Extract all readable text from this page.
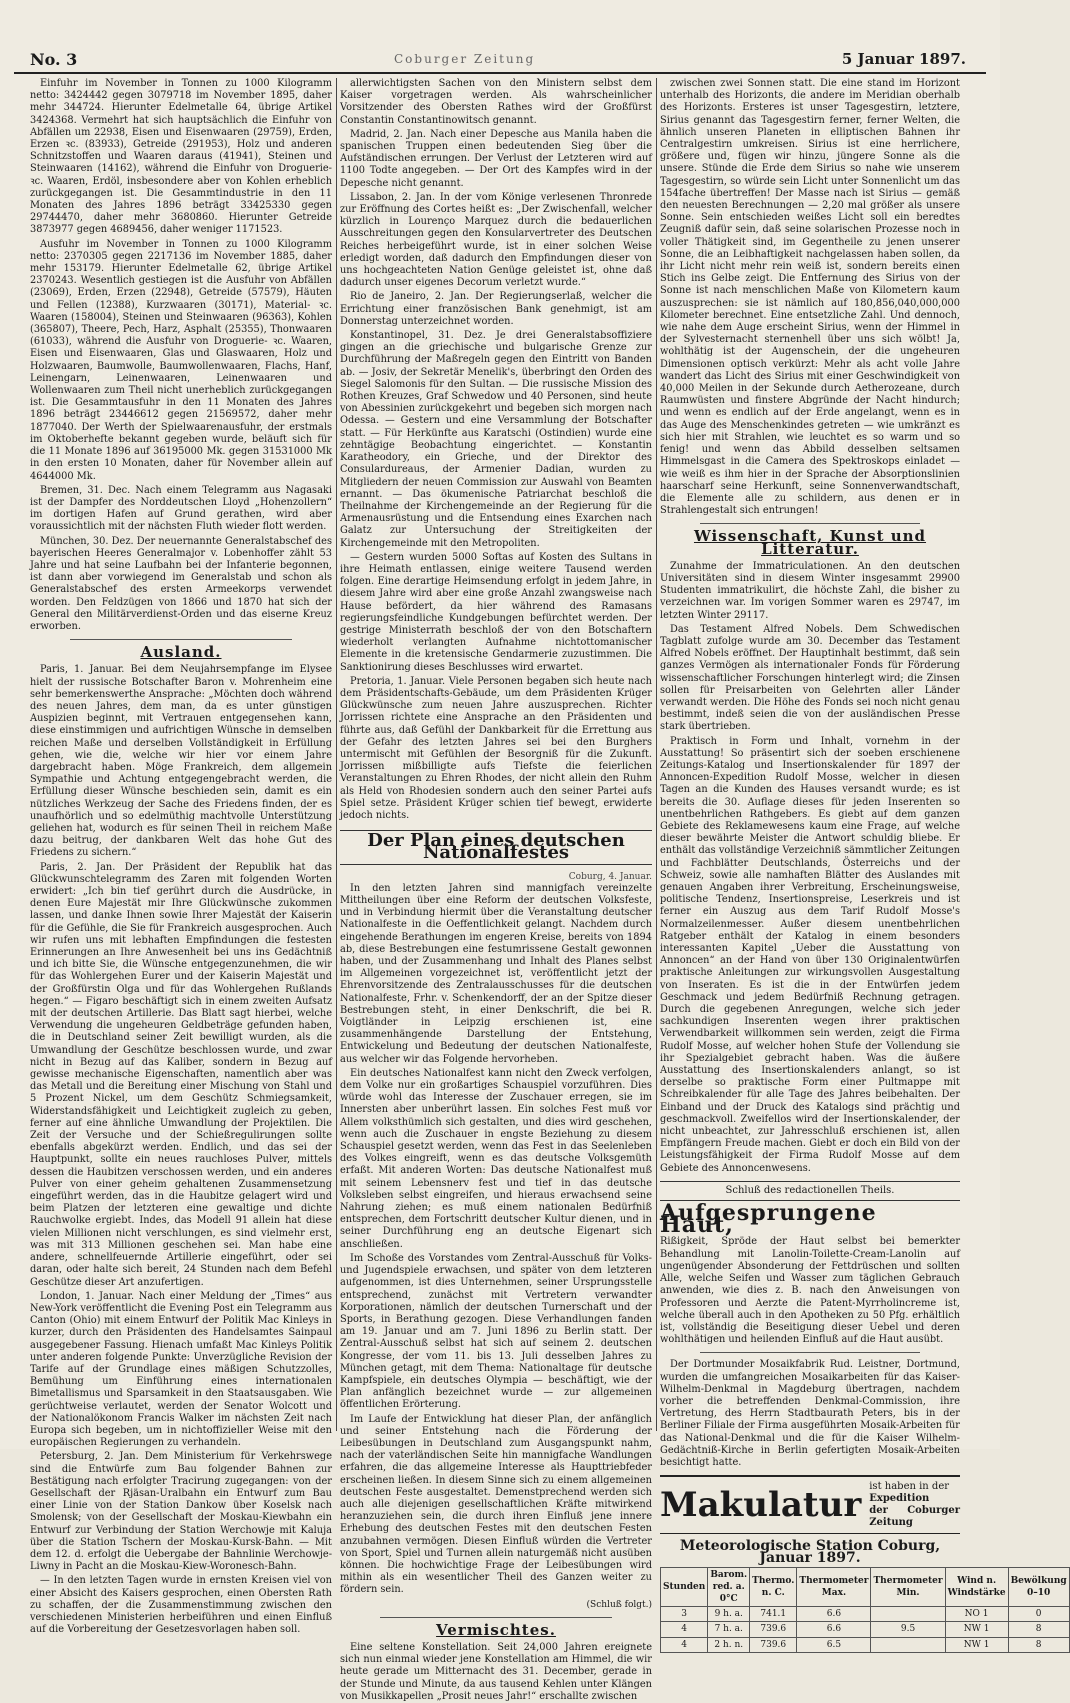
No. 3	Coburger Zeitung	5 Januar 1897.

Einfuhr im November in Tonnen zu 1000 Kilogramm netto: 3424442 gegen 3079718 im November 1895, daher mehr 344724. Hierunter Edelmetalle 64, übrige Artikel 3424368. Vermehrt hat sich hauptsächlich die Einfuhr von Abfällen um 22938, Eisen und Eisenwaaren (29759), Erden, Erzen ꝛc. (83933), Getreide (291953), Holz und anderen Schnitzstoffen und Waaren daraus (41941), Steinen und Steinwaaren (14162), während die Einfuhr von Droguerie- ꝛc. Waaren, Erdöl, insbesondere aber von Kohlen erheblich zurückgegangen ist. Die Gesammtindustrie in den 11 Monaten des Jahres 1896 beträgt 33425330 gegen 29744470, daher mehr 3680860. Hierunter Getreide 3873977 gegen 4689456, daher weniger 1171523.

Ausfuhr im November in Tonnen zu 1000 Kilogramm netto: 2370305 gegen 2217136 im November 1885, daher mehr 153179. Hierunter Edelmetalle 62, übrige Artikel 2370243. Wesentlich gestiegen ist die Ausfuhr von Abfällen (23069), Erden, Erzen (22948), Getreide (57579), Häuten und Fellen (12388), Kurzwaaren (30171), Material- ꝛc. Waaren (158004), Steinen und Steinwaaren (96363), Kohlen (365807), Theere, Pech, Harz, Asphalt (25355), Thonwaaren (61033), während die Ausfuhr von Droguerie- ꝛc. Waaren, Eisen und Eisenwaaren, Glas und Glaswaaren, Holz und Holzwaaren, Baumwolle, Baumwollenwaaren, Flachs, Hanf, Leinengarn, Leinenwaaren, Leinenwaaren und Wollenwaaren zum Theil nicht unerheblich zurückgegangen ist. Die Gesammtausfuhr in den 11 Monaten des Jahres 1896 beträgt 23446612 gegen 21569572, daher mehr 1877040. Der Werth der Spielwaarenausfuhr, der erstmals im Oktoberhefte bekannt gegeben wurde, beläuft sich für die 11 Monate 1896 auf 36195000 Mk. gegen 31531000 Mk in den ersten 10 Monaten, daher für November allein auf 4644000 Mk.

Bremen, 31. Dec. Nach einem Telegramm aus Nagasaki ist der Dampfer des Norddeutschen Lloyd „Hohenzollern“ im dortigen Hafen auf Grund gerathen, wird aber voraussichtlich mit der nächsten Fluth wieder flott werden.

München, 30. Dez. Der neuernannte Generalstabschef des bayerischen Heeres Generalmajor v. Lobenhoffer zählt 53 Jahre und hat seine Laufbahn bei der Infanterie begonnen, ist dann aber vorwiegend im Generalstab und schon als Generalstabschef des ersten Armeekorps verwendet worden. Den Feldzügen von 1866 und 1870 hat sich der General den Militärverdienst-Orden und das eiserne Kreuz erworben.

Ausland.

Paris, 1. Januar. Bei dem Neujahrsempfange im Elysee hielt der russische Botschafter Baron v. Mohrenheim eine sehr bemerkenswerthe Ansprache: „Möchten doch während des neuen Jahres, dem man, da es unter günstigen Auspizien beginnt, mit Vertrauen entgegensehen kann, diese einstimmigen und aufrichtigen Wünsche in demselben reichen Maße und derselben Vollständigkeit in Erfüllung gehen, wie die, welche wir hier vor einem Jahre dargebracht haben. Möge Frankreich, dem allgemein Sympathie und Achtung entgegengebracht werden, die Erfüllung dieser Wünsche beschieden sein, damit es ein nützliches Werkzeug der Sache des Friedens finden, der es unaufhörlich und so edelmüthig machtvolle Unterstützung geliehen hat, wodurch es für seinen Theil in reichem Maße dazu beitrug, der dankbaren Welt das hohe Gut des Friedens zu sichern.“

Paris, 2. Jan. Der Präsident der Republik hat das Glückwunschtelegramm des Zaren mit folgenden Worten erwidert: „Ich bin tief gerührt durch die Ausdrücke, in denen Eure Majestät mir Ihre Glückwünsche zukommen lassen, und danke Ihnen sowie Ihrer Majestät der Kaiserin für die Gefühle, die Sie für Frankreich ausgesprochen. Auch wir rufen uns mit lebhaften Empfindungen die festesten Erinnerungen an Ihre Anwesenheit bei uns ins Gedächtniß und ich bitte Sie, die Wünsche entgegenzunehmen, die wir für das Wohlergehen Eurer und der Kaiserin Majestät und der Großfürstin Olga und für das Wohlergehen Rußlands hegen.“ — Figaro beschäftigt sich in einem zweiten Aufsatz mit der deutschen Artillerie. Das Blatt sagt hierbei, welche Verwendung die ungeheuren Geldbeträge gefunden haben, die in Deutschland seiner Zeit bewilligt wurden, als die Umwandlung der Geschütze beschlossen wurde, und zwar nicht in Bezug auf das Kaliber, sondern in Bezug auf gewisse mechanische Eigenschaften, namentlich aber was das Metall und die Bereitung einer Mischung von Stahl und 5 Prozent Nickel, um dem Geschütz Schmiegsamkeit, Widerstandsfähigkeit und Leichtigkeit zugleich zu geben, ferner auf eine ähnliche Umwandlung der Projektilen. Die Zeit der Versuche und der Schießregulirungen sollte ebenfalls abgekürzt werden. Endlich, und das sei der Hauptpunkt, sollte ein neues rauchloses Pulver, mittels dessen die Haubitzen verschossen werden, und ein anderes Pulver von einer geheim gehaltenen Zusammensetzung eingeführt werden, das in die Haubitze gelagert wird und beim Platzen der letzteren eine gewaltige und dichte Rauchwolke ergiebt. Indes, das Modell 91 allein hat diese vielen Millionen nicht verschlungen, es sind vielmehr erst, was mit 313 Millionen geschehen sei. Man habe eine andere, schnellfeuernde Artillerie eingeführt, oder sei daran, oder halte sich bereit, 24 Stunden nach dem Befehl Geschütze dieser Art anzufertigen.

London, 1. Januar. Nach einer Meldung der „Times“ aus New-York veröffentlicht die Evening Post ein Telegramm aus Canton (Ohio) mit einem Entwurf der Politik Mac Kinleys in kurzer, durch den Präsidenten des Handelsamtes Sainpaul ausgegebener Fassung. Hienach umfaßt Mac Kinleys Politik unter anderen folgende Punkte: Unverzügliche Revision der Tarife auf der Grundlage eines mäßigen Schutzzolles, Bemühung um Einführung eines internationalen Bimetallismus und Sparsamkeit in den Staatsausgaben. Wie gerüchtweise verlautet, werden der Senator Wolcott und der Nationalökonom Francis Walker im nächsten Zeit nach Europa sich begeben, um in nichtoffizieller Weise mit den europäischen Regierungen zu verhandeln.

Petersburg, 2. Jan. Dem Ministerium für Verkehrswege sind die Entwürfe zum Bau folgender Bahnen zur Bestätigung nach erfolgter Tracirung zugegangen: von der Gesellschaft der Rjäsan-Uralbahn ein Entwurf zum Bau einer Linie von der Station Dankow über Koselsk nach Smolensk; von der Gesellschaft der Moskau-Kiewbahn ein Entwurf zur Verbindung der Station Werchowje mit Kaluja über die Station Tschern der Moskau-Kursk-Bahn. — Mit dem 12. d. erfolgt die Uebergabe der Bahnlinie Werchowje-Liwny in Pacht an die Moskau-Kiew-Woronesch-Bahn.

— In den letzten Tagen wurde in ernsten Kreisen viel von einer Absicht des Kaisers gesprochen, einen Obersten Rath zu schaffen, der die Zusammenstimmung zwischen den verschiedenen Ministerien herbeiführen und einen Einfluß auf die Vorbereitung der Gesetzesvorlagen haben soll.

allerwichtigsten Sachen von den Ministern selbst dem Kaiser vorgetragen werden. Als wahrscheinlicher Vorsitzender des Obersten Rathes wird der Großfürst Constantin Constantinowitsch genannt.

Madrid, 2. Jan. Nach einer Depesche aus Manila haben die spanischen Truppen einen bedeutenden Sieg über die Aufständischen errungen. Der Verlust der Letzteren wird auf 1100 Todte angegeben. — Der Ort des Kampfes wird in der Depesche nicht genannt.

Lissabon, 2. Jan. In der vom Könige verlesenen Thronrede zur Eröffnung des Cortes heißt es: „Der Zwischenfall, welcher kürzlich in Lourenço Marquez durch die bedauerlichen Ausschreitungen gegen den Konsularvertreter des Deutschen Reiches herbeigeführt wurde, ist in einer solchen Weise erledigt worden, daß dadurch den Empfindungen dieser von uns hochgeachteten Nation Genüge geleistet ist, ohne daß dadurch unser eigenes Decorum verletzt wurde.“

Rio de Janeiro, 2. Jan. Der Regierungserlaß, welcher die Errichtung einer französischen Bank genehmigt, ist am Donnerstag unterzeichnet worden.

Konstantinopel, 31. Dez. Je drei Generalstabsoffiziere gingen an die griechische und bulgarische Grenze zur Durchführung der Maßregeln gegen den Eintritt von Banden ab. — Josiv, der Sekretär Menelik's, überbringt den Orden des Siegel Salomonis für den Sultan. — Die russische Mission des Rothen Kreuzes, Graf Schwedow und 40 Personen, sind heute von Abessinien zurückgekehrt und begeben sich morgen nach Odessa. — Gestern und eine Versammlung der Botschafter statt. — Für Herkünfte aus Karatschi (Ostindien) wurde eine zehntägige Beobachtung eingerichtet. — Konstantin Karatheodory, ein Grieche, und der Direktor des Consulardureaus, der Armenier Dadian, wurden zu Mitgliedern der neuen Commission zur Auswahl von Beamten ernannt. — Das ökumenische Patriarchat beschloß die Theilnahme der Kirchengemeinde an der Regierung für die Armenausrüstung und die Entsendung eines Exarchen nach Galatz zur Untersuchung der Streitigkeiten der Kirchengemeinde mit den Metropoliten.

— Gestern wurden 5000 Softas auf Kosten des Sultans in ihre Heimath entlassen, einige weitere Tausend werden folgen. Eine derartige Heimsendung erfolgt in jedem Jahre, in diesem Jahre wird aber eine große Anzahl zwangsweise nach Hause befördert, da hier während des Ramasans regierungsfeindliche Kundgebungen befürchtet werden. Der gestrige Ministerrath beschloß der von den Botschaftern wiederholt verlangten Aufnahme nichtottomanischer Elemente in die kretensische Gendarmerie zuzustimmen. Die Sanktionirung dieses Beschlusses wird erwartet.

Pretoria, 1. Januar. Viele Personen begaben sich heute nach dem Präsidentschafts-Gebäude, um dem Präsidenten Krüger Glückwünsche zum neuen Jahre auszusprechen. Richter Jorrissen richtete eine Ansprache an den Präsidenten und führte aus, daß Gefühl der Dankbarkeit für die Errettung aus der Gefahr des letzten Jahres sei bei den Burghers untermischt mit Gefühlen der Besorgniß für die Zukunft. Jorrissen mißbilligte aufs Tiefste die feierlichen Veranstaltungen zu Ehren Rhodes, der nicht allein den Ruhm als Held von Rhodesien sondern auch den seiner Partei aufs Spiel setze. Präsident Krüger schien tief bewegt, erwiderte jedoch nichts.

Der Plan eines deutschen Nationalfestes
Coburg, 4. Januar.

In den letzten Jahren sind mannigfach vereinzelte Mittheilungen über eine Reform der deutschen Volksfeste, und in Verbindung hiermit über die Veranstaltung deutscher Nationalfeste in die Oeffentlichkeit gelangt. Nachdem durch eingehende Berathungen im engeren Kreise, bereits von 1894 ab, diese Bestrebungen eine festumrissene Gestalt gewonnen haben, und der Zusammenhang und Inhalt des Planes selbst im Allgemeinen vorgezeichnet ist, veröffentlicht jetzt der Ehrenvorsitzende des Zentralausschusses für die deutschen Nationalfeste, Frhr. v. Schenkendorff, der an der Spitze dieser Bestrebungen steht, in einer Denkschrift, die bei R. Voigtländer in Leipzig erschienen ist, eine zusammenhängende Darstellung der Entstehung, Entwickelung und Bedeutung der deutschen Nationalfeste, aus welcher wir das Folgende hervorheben.

Ein deutsches Nationalfest kann nicht den Zweck verfolgen, dem Volke nur ein großartiges Schauspiel vorzuführen. Dies würde wohl das Interesse der Zuschauer erregen, sie im Innersten aber unberührt lassen. Ein solches Fest muß vor Allem volksthümlich sich gestalten, und dies wird geschehen, wenn auch die Zuschauer in engste Beziehung zu diesem Schauspiel gesetzt werden, wenn das Fest in das Seelenleben des Volkes eingreift, wenn es das deutsche Volksgemüth erfaßt. Mit anderen Worten: Das deutsche Nationalfest muß mit seinem Lebensnerv fest und tief in das deutsche Volksleben selbst eingreifen, und hieraus erwachsend seine Nahrung ziehen; es muß einem nationalen Bedürfniß entsprechen, dem Fortschritt deutscher Kultur dienen, und in seiner Durchführung eng an deutsche Eigenart sich anschließen.

Im Schoße des Vorstandes vom Zentral-Ausschuß für Volks- und Jugendspiele erwachsen, und später von dem letzteren aufgenommen, ist dies Unternehmen, seiner Ursprungsstelle entsprechend, zunächst mit Vertretern verwandter Korporationen, nämlich der deutschen Turnerschaft und der Sports, in Berathung gezogen. Diese Verhandlungen fanden am 19. Januar und am 7. Juni 1896 zu Berlin statt. Der Zentral-Ausschuß selbst hat sich auf seinem 2. deutschen Kongresse, der vom 11. bis 13. Juli desselben Jahres zu München getagt, mit dem Thema: Nationaltage für deutsche Kampfspiele, ein deutsches Olympia — beschäftigt, wie der Plan anfänglich bezeichnet wurde — zur allgemeinen öffentlichen Erörterung.

Im Laufe der Entwicklung hat dieser Plan, der anfänglich und seiner Entstehung nach die Förderung der Leibesübungen in Deutschland zum Ausgangspunkt nahm, nach der vaterländischen Seite hin mannigfache Wandlungen erfahren, die das allgemeine Interesse als Haupttriebfeder erscheinen ließen. In diesem Sinne sich zu einem allgemeinen deutschen Feste ausgestaltet. Demenstprechend werden sich auch alle diejenigen gesellschaftlichen Kräfte mitwirkend heranzuziehen sein, die durch ihren Einfluß jene innere Erhebung des deutschen Festes mit den deutschen Festen anzubahnen vermögen. Diesen Einfluß würden die Vertreter von Sport, Spiel und Turnen allein naturgemäß nicht ausüben können. Die hochwichtige Frage der Leibesübungen wird mithin als ein wesentlicher Theil des Ganzen weiter zu fördern sein.

(Schluß folgt.)
Vermischtes.

Eine seltene Konstellation. Seit 24,000 Jahren ereignete sich nun einmal wieder jene Konstellation am Himmel, die wir heute gerade um Mitternacht des 31. December, gerade in der Stunde und Minute, da aus tausend Kehlen unter Klängen von Musikkapellen „Prosit neues Jahr!“ erschallte zwischen

zwischen zwei Sonnen statt. Die eine stand im Horizont unterhalb des Horizonts, die andere im Meridian oberhalb des Horizonts. Ersteres ist unser Tagesgestirn, letztere, Sirius genannt das Tagesgestirn ferner, ferner Welten, die ähnlich unseren Planeten in elliptischen Bahnen ihr Centralgestirn umkreisen. Sirius ist eine herrlichere, größere und, fügen wir hinzu, jüngere Sonne als die unsere. Stünde die Erde dem Sirius so nahe wie unserem Tagesgestirn, so würde sein Licht unter Sonnenlicht um das 154fache übertreffen! Der Masse nach ist Sirius — gemäß den neuesten Berechnungen — 2,20 mal größer als unsere Sonne. Sein entschieden weißes Licht soll ein beredtes Zeugniß dafür sein, daß seine solarischen Prozesse noch in voller Thätigkeit sind, im Gegentheile zu jenen unserer Sonne, die an Leibhaftigkeit nachgelassen haben sollen, da ihr Licht nicht mehr rein weiß ist, sondern bereits einen Stich ins Gelbe zeigt. Die Entfernung des Sirius von der Sonne ist nach menschlichen Maße von Kilometern kaum auszusprechen: sie ist nämlich auf 180,856,040,000,000 Kilometer berechnet. Eine entsetzliche Zahl. Und dennoch, wie nahe dem Auge erscheint Sirius, wenn der Himmel in der Sylvesternacht sternenhell über uns sich wölbt! Ja, wohlthätig ist der Augenschein, der die ungeheuren Dimensionen optisch verkürzt: Mehr als acht volle Jahre wandert das Licht des Sirius mit einer Geschwindigkeit von 40,000 Meilen in der Sekunde durch Aetherozeane, durch Raumwüsten und finstere Abgründe der Nacht hindurch; und wenn es endlich auf der Erde angelangt, wenn es in das Auge des Menschenkindes getreten — wie umkränzt es sich hier mit Strahlen, wie leuchtet es so warm und so fenig! und wenn das Abbild desselben seltsamen Himmelsgast in die Camera des Spektroskops einladet — wie weiß es ihm hier in der Sprache der Absorptionslinien haarscharf seine Herkunft, seine Sonnenverwandtschaft, die Elemente alle zu schildern, aus denen er in Strahlengestalt sich entrungen!

Wissenschaft, Kunst und Litteratur.

Zunahme der Immatriculationen. An den deutschen Universitäten sind in diesem Winter insgesammt 29900 Studenten immatrikulirt, die höchste Zahl, die bisher zu verzeichnen war. Im vorigen Sommer waren es 29747, im letzten Winter 29117.

Das Testament Alfred Nobels. Dem Schwedischen Tagblatt zufolge wurde am 30. December das Testament Alfred Nobels eröffnet. Der Hauptinhalt bestimmt, daß sein ganzes Vermögen als internationaler Fonds für Förderung wissenschaftlicher Forschungen hinterlegt wird; die Zinsen sollen für Preisarbeiten von Gelehrten aller Länder verwandt werden. Die Höhe des Fonds sei noch nicht genau bestimmt, indeß seien die von der ausländischen Presse stark übertrieben.

Praktisch in Form und Inhalt, vornehm in der Ausstattung! So präsentirt sich der soeben erschienene Zeitungs-Katalog und Insertionskalender für 1897 der Annoncen-Expedition Rudolf Mosse, welcher in diesen Tagen an die Kunden des Hauses versandt wurde; es ist bereits die 30. Auflage dieses für jeden Inserenten so unentbehrlichen Rathgebers. Es giebt auf dem ganzen Gebiete des Reklamewesens kaum eine Frage, auf welche dieser bewährte Meister die Antwort schuldig bliebe. Er enthält das vollständige Verzeichniß sämmtlicher Zeitungen und Fachblätter Deutschlands, Österreichs und der Schweiz, sowie alle namhaften Blätter des Auslandes mit genauen Angaben ihrer Verbreitung, Erscheinungsweise, politische Tendenz, Insertionspreise, Leserkreis und ist ferner ein Auszug aus dem Tarif Rudolf Mosse's Normalzeilenmesser. Außer diesem unentbehrlichen Ratgeber enthält der Katalog in einem besonders interessanten Kapitel „Ueber die Ausstattung von Annoncen“ an der Hand von über 130 Originalentwürfen praktische Anleitungen zur wirkungsvollen Ausgestaltung von Inseraten. Es ist die in der Entwürfen jedem Geschmack und jedem Bedürfniß Rechnung getragen. Durch die gegebenen Anregungen, welche sich jeder sachkundigen Inserenten wegen ihrer praktischen Verwendbarkeit willkommen sein werden, zeigt die Firma Rudolf Mosse, auf welcher hohen Stufe der Vollendung sie ihr Spezialgebiet gebracht haben. Was die äußere Ausstattung des Insertionskalenders anlangt, so ist derselbe so praktische Form einer Pultmappe mit Schreibkalender für alle Tage des Jahres beibehalten. Der Einband und der Druck des Katalogs sind prächtig und geschmackvoll. Zweifellos wird der Insertionskalender, der nicht unbeachtet, zur Jahresschluß erschienen ist, allen Empfängern Freude machen. Giebt er doch ein Bild von der Leistungsfähigkeit der Firma Rudolf Mosse auf dem Gebiete des Annoncenwesens.

Schluß des redactionellen Theils.
Aufgesprungene Haut, Rißigkeit, Spröde der Haut selbst bei bemerkter Behandlung mit Lanolin-Toilette-Cream-Lanolin auf ungenügender Absonderung der Fettdrüschen und sollten Alle, welche Seifen und Wasser zum täglichen Gebrauch anwenden, wie dies z. B. nach den Anweisungen von Professoren und Aerzte die Patent-Myrrholincreme ist, welche überall auch in den Apotheken zu 50 Pfg. erhältlich ist, vollständig die Beseitigung dieser Uebel und deren wohlthätigen und heilenden Einfluß auf die Haut ausübt.

Der Dortmunder Mosaikfabrik Rud. Leistner, Dortmund, wurden die umfangreichen Mosaikarbeiten für das Kaiser-Wilhelm-Denkmal in Magdeburg übertragen, nachdem vorher die betreffenden Denkmal-Commission, ihre Vertretung, des Herrn Stadtbaurath Peters, bis in der Berliner Filiale der Firma ausgeführten Mosaik-Arbeiten für das National-Denkmal und die für die Kaiser Wilhelm-Gedächtniß-Kirche in Berlin gefertigten Mosaik-Arbeiten besichtigt hatte.

Makulatur ist haben in der
Expedition
der Coburger Zeitung
Meteorologische Station Coburg, Januar 1897.
Stunden	Barom. red. a. 0°C	Thermo. n. C.	Thermometer Max.	Thermometer Min.	Wind n. Windstärke	Bewölkung 0–10
3	9 h. a.	741.1	6.6		NO 1	0
4	7 h. a.	739.6	6.6	9.5	NW 1	8
4	2 h. n.	739.6	6.5		NW 1	8
